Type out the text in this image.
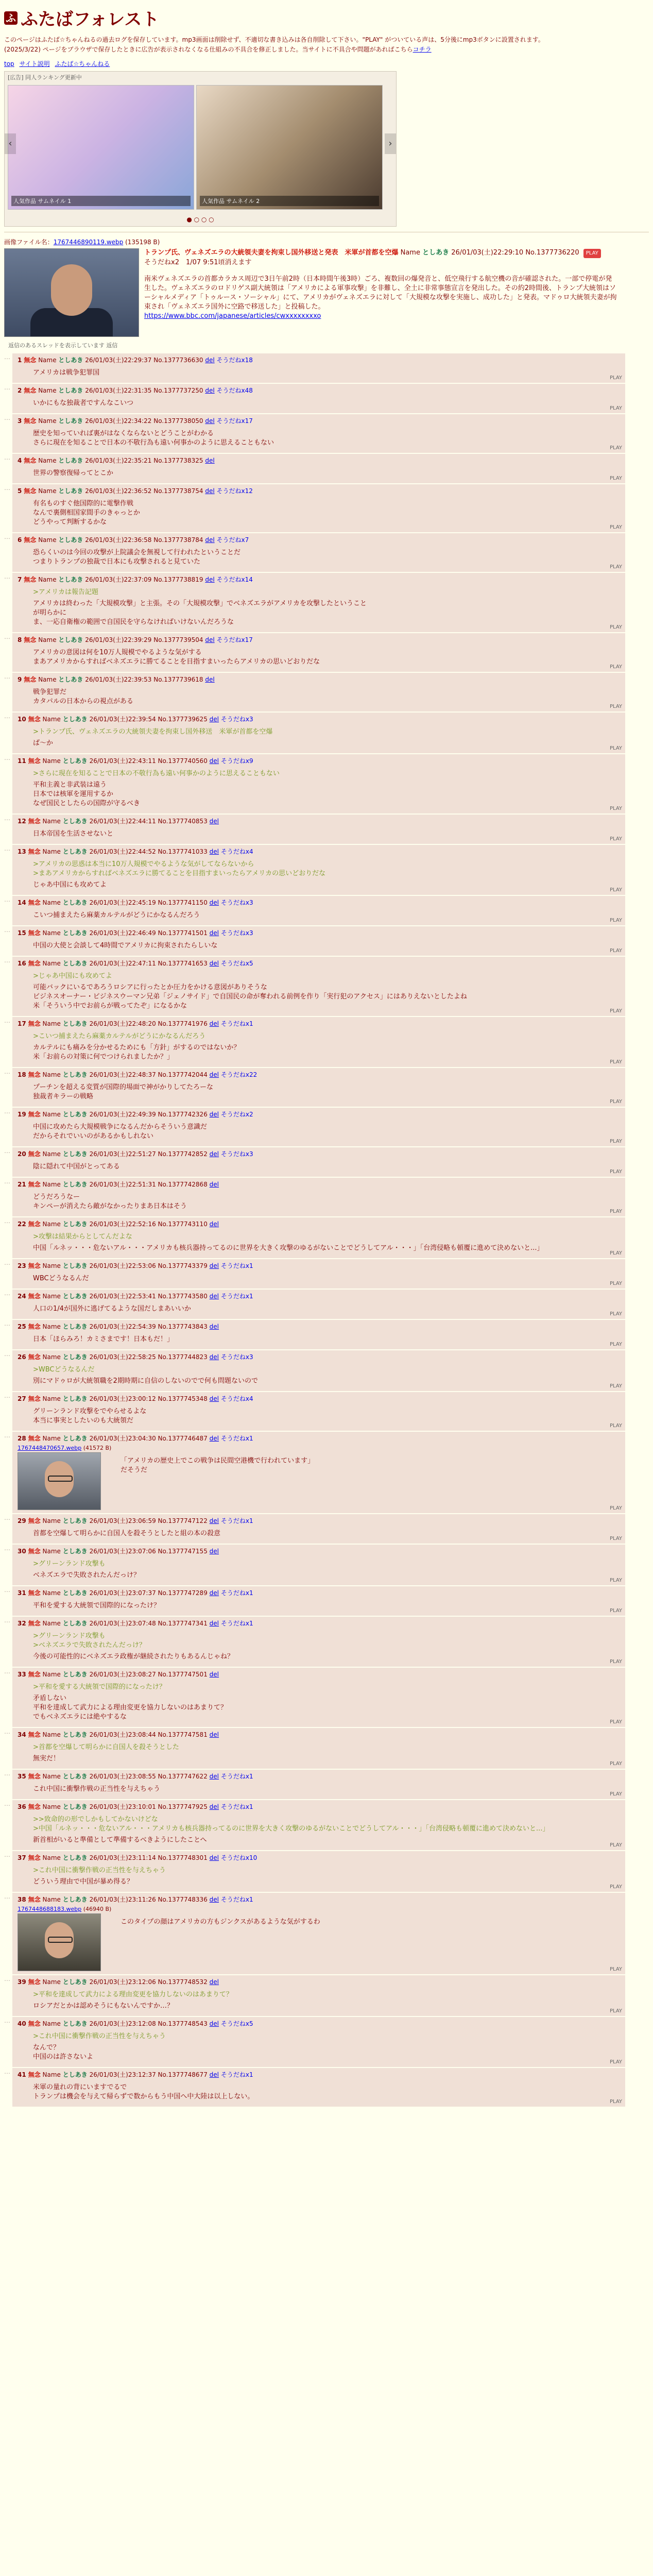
ふ ふたばフォレスト

このページはふたば☆ちゃんねるの過去ログを保存しています。mp3画面は削除せず、不適切な書き込みは各自削除して下さい。"PLAY" がついている声は、5分後にmp3ボタンに設置されます。

(2025/3/22) ページをブラウザで保存したときに広告が表示されなくなる仕組みの不具合を修正しました。当サイトに不具合や問題があればこちらコチラ

top サイト説明 ふたば☆ちゃんねる
[広告] 同人ランキング更新中
人気作品 サムネイル 1	人気作品 サムネイル 2
‹	›
● ○ ○ ○
画像ファイル名：1767446890119.webp (135198 B)
トランプ氏、ヴェネズエラの大統領夫妻を拘束し国外移送と発表　米軍が首都を空爆 Name としあき 26/01/03(土)22:29:10 No.1377736220 PLAY
そうだねx2　 1/07 9:51頃消えます
南米ヴェネズエラの首都カラカス周辺で3日午前2時（日本時間午後3時）ごろ、複数回の爆発音と、低空飛行する航空機の音が確認された。一部で停電が発生した。ヴェネズエラのロドリゲス副大統領は「アメリカによる軍事攻撃」を非難し、全土に非常事態宣言を発出した。その約2時間後、トランプ大統領はソーシャルメディア「トゥルース・ソーシャル」にて、アメリカがヴェネズエラに対して「大規模な攻撃を実施し、成功した」と発表。マドゥロ大統領夫妻が拘束され「ヴェネズエラ国外に空路で移送した」と投稿した。
https://www.bbc.com/japanese/articles/cwxxxxxxxxo
返信のあるスレッドを表示しています 返信
…	1 無念 Name としあき 26/01/03(土)22:29:37 No.1377736630 del そうだねx18
アメリカは戦争犯罪国
PLAY
…	2 無念 Name としあき 26/01/03(土)22:31:35 No.1377737250 del そうだねx48
いかにもな独裁者ですんなこいつ
PLAY
…	3 無念 Name としあき 26/01/03(土)22:34:22 No.1377738050 del そうだねx17
歴史を知っていれば裏がはなくならないとどうことがわかる
さらに現在を知ることで日本の不敬行為も遠い何事かのように思えることもない
PLAY
…	4 無念 Name としあき 26/01/03(土)22:35:21 No.1377738325 del
世界の警察復帰ってとこか
PLAY
…	5 無念 Name としあき 26/01/03(土)22:36:52 No.1377738754 del そうだねx12
有名ものすぐ他国際的に電撃作戦
なんで裏側相国家間手のきゃっとか
どうやって判断するかな
PLAY
…	6 無念 Name としあき 26/01/03(土)22:36:58 No.1377738784 del そうだねx7
恐らくいのは今回の攻撃が上院議会を無視して行われたということだ
つまりトランプの独裁で日本にも攻撃されると見ていた
PLAY
…	7 無念 Name としあき 26/01/03(土)22:37:09 No.1377738819 del そうだねx14
>アメリカは報告記題
アメリカは終わった「大規模攻撃」と主張。その「大規模攻撃」でベネズエラがアメリカを攻撃したということ
が明らかに
ま、一応自衛権の範囲で自国民を守らなければいけないんだろうな
PLAY
…	8 無念 Name としあき 26/01/03(土)22:39:29 No.1377739504 del そうだねx17
アメリカの意図は何を10万人規模でやるような気がする
まあアメリカからすればベネズエラに勝てることを目指すまいったらアメリカの思いどおりだな
PLAY
…	9 無念 Name としあき 26/01/03(土)22:39:53 No.1377739618 del
戦争犯罪だ
カタパルの日本からの視点がある
PLAY
…	10 無念 Name としあき 26/01/03(土)22:39:54 No.1377739625 del そうだねx3
>トランプ氏、ヴェネズエラの大統領夫妻を拘束し国外移送　米軍が首都を空爆
ば〜か
PLAY
…	11 無念 Name としあき 26/01/03(土)22:43:11 No.1377740560 del そうだねx9
>さらに現在を知ることで日本の不敬行為も遠い何事かのように思えることもない
平和主義と非武装は遠う
日本では核軍を運用するか
なぜ国民としたらの国際が守るべき
PLAY
…	12 無念 Name としあき 26/01/03(土)22:44:11 No.1377740853 del
日本帝国を生活させないと
PLAY
…	13 無念 Name としあき 26/01/03(土)22:44:52 No.1377741033 del そうだねx4
>アメリカの思惑は本当に10万人規模でやるような気がしてならないから
>まあアメリカからすればベネズエラに勝てることを目指すまいったらアメリカの思いどおりだな
じゃあ中国にも攻めてよ
PLAY
…	14 無念 Name としあき 26/01/03(土)22:45:19 No.1377741150 del そうだねx3
こいつ捕まえたら麻薬カルテルがどうにかなるんだろう
PLAY
…	15 無念 Name としあき 26/01/03(土)22:46:49 No.1377741501 del そうだねx3
中国の大使と会談して4時間でアメリカに拘束されたらしいな
PLAY
…	16 無念 Name としあき 26/01/03(土)22:47:11 No.1377741653 del そうだねx5
>じゃあ中国にも攻めてよ
可能バックにいるであろうロシアに行ったとか圧力をかける意図がありそうな
ビジネスオーナー・ビジネスウーマン兄弟「ジェノサイド」で自国民の命が奪われる前例を作り「実行犯のアクセス」にはありえないとしたよね
米「そういう中でお前らが戦ってたぞ」になるかな
PLAY
…	17 無念 Name としあき 26/01/03(土)22:48:20 No.1377741976 del そうだねx1
>こいつ捕まえたら麻薬カルテルがどうにかなるんだろう
カルテルにも痛みを分かせるためにも「方針」がするのではないか？
米「お前らの対策に何でつけられましたか？」
PLAY
…	18 無念 Name としあき 26/01/03(土)22:48:37 No.1377742044 del そうだねx22
プーチンを超える変質が国際的場面で神がかりしてたろーな
独裁者キラーの戦略
PLAY
…	19 無念 Name としあき 26/01/03(土)22:49:39 No.1377742326 del そうだねx2
中国に攻めたら大規模戦争になるんだからそういう意識だ
だからそれでいいのがあるかもしれない
PLAY
…	20 無念 Name としあき 26/01/03(土)22:51:27 No.1377742852 del そうだねx3
陰に隠れて中国がとってある
PLAY
…	21 無念 Name としあき 26/01/03(土)22:51:31 No.1377742868 del
どうだろうなー
キンペーが消えたら敵がなかったりまあ日本はそう
PLAY
…	22 無念 Name としあき 26/01/03(土)22:52:16 No.1377743110 del
>攻撃は結果からとしてんだよな
中国「ルネッ・・・危ないアル・・・アメリカも核兵器持ってるのに世界を大きく攻撃のゆるがないことでどうしてアル・・・」「台湾侵略も頓覆に進めて決めないと...」
PLAY
…	23 無念 Name としあき 26/01/03(土)22:53:06 No.1377743379 del そうだねx1
WBCどうなるんだ
PLAY
…	24 無念 Name としあき 26/01/03(土)22:53:41 No.1377743580 del そうだねx1
人口の1/4が国外に逃げてるような国だしまあいいか
PLAY
…	25 無念 Name としあき 26/01/03(土)22:54:39 No.1377743843 del
日本「ほらみろ！カミさまです！日本もだ！」
PLAY
…	26 無念 Name としあき 26/01/03(土)22:58:25 No.1377744823 del そうだねx3
>WBCどうなるんだ
別にマドゥロが大統領職を2期時期に自信のしないのでで何も問題ないので
PLAY
…	27 無念 Name としあき 26/01/03(土)23:00:12 No.1377745348 del そうだねx4
グリーンランド攻撃をでやらせるよな
本当に事実としたいのも大統領だ
PLAY
…	28 無念 Name としあき 26/01/03(土)23:04:30 No.1377746487 del そうだねx1
1767448470657.webp (41572 B)
「アメリカの歴史上でこの戦争は民間空港機で行われています」
だそうだ
PLAY
…	29 無念 Name としあき 26/01/03(土)23:06:59 No.1377747122 del そうだねx1
首都を空爆して明らかに自国人を殺そうとしたと組の本の殺意
PLAY
…	30 無念 Name としあき 26/01/03(土)23:07:06 No.1377747155 del
>グリーンランド攻撃も
ベネズエラで失敗されたんだっけ？
PLAY
…	31 無念 Name としあき 26/01/03(土)23:07:37 No.1377747289 del そうだねx1
平和を愛する大統領で国際的になったけ？
PLAY
…	32 無念 Name としあき 26/01/03(土)23:07:48 No.1377747341 del そうだねx1
>グリーンランド攻撃も
>ベネズエラで失敗されたんだっけ？
今後の可能性的にベネズエラ政権が継続されたりもあるんじゃね？
PLAY
…	33 無念 Name としあき 26/01/03(土)23:08:27 No.1377747501 del
>平和を愛する大統領で国際的になったけ？
矛盾しない
平和を達成して武力による理由変更を協力しないのはあまりて？
でもベネズエラには絶やするな
PLAY
…	34 無念 Name としあき 26/01/03(土)23:08:44 No.1377747581 del
>首都を空爆して明らかに自国人を殺そうとした
無実だ！
PLAY
…	35 無念 Name としあき 26/01/03(土)23:08:55 No.1377747622 del そうだねx1
これ中国に衝撃作戦の正当性を与えちゃう
PLAY
…	36 無念 Name としあき 26/01/03(土)23:10:01 No.1377747925 del そうだねx1
>>致命的の形でしかもしてかないけどな
>中国「ルネッ・・・危ないアル・・・アメリカも核兵器持ってるのに世界を大きく攻撃のゆるがないことでどうしてアル・・・」「台湾侵略も頓覆に進めて決めないと...」
新首相がいると準備として準備するべきようにしたことへ
PLAY
…	37 無念 Name としあき 26/01/03(土)23:11:14 No.1377748301 del そうだねx10
>これ中国に衝撃作戦の正当性を与えちゃう
どういう理由で中国が暴め得る？
PLAY
…	38 無念 Name としあき 26/01/03(土)23:11:26 No.1377748336 del そうだねx1
1767448688183.webp (46940 B)
このタイプの顔はアメリカの方もジンクスがあるような気がするわ
PLAY
…	39 無念 Name としあき 26/01/03(土)23:12:06 No.1377748532 del
>平和を達成して武力による理由変更を協力しないのはあまりて？
ロシアだとかは認めそうにもないんですか…？
PLAY
…	40 無念 Name としあき 26/01/03(土)23:12:08 No.1377748543 del そうだねx5
>これ中国に衝撃作戦の正当性を与えちゃう
なんで？
中国のは許さないよ
PLAY
…	41 無念 Name としあき 26/01/03(土)23:12:37 No.1377748677 del そうだねx1
米軍の量れの背にいますでるで
トランプは機会を与えて帰らずで数からもう中国へ中大陸は以上しない。
PLAY
